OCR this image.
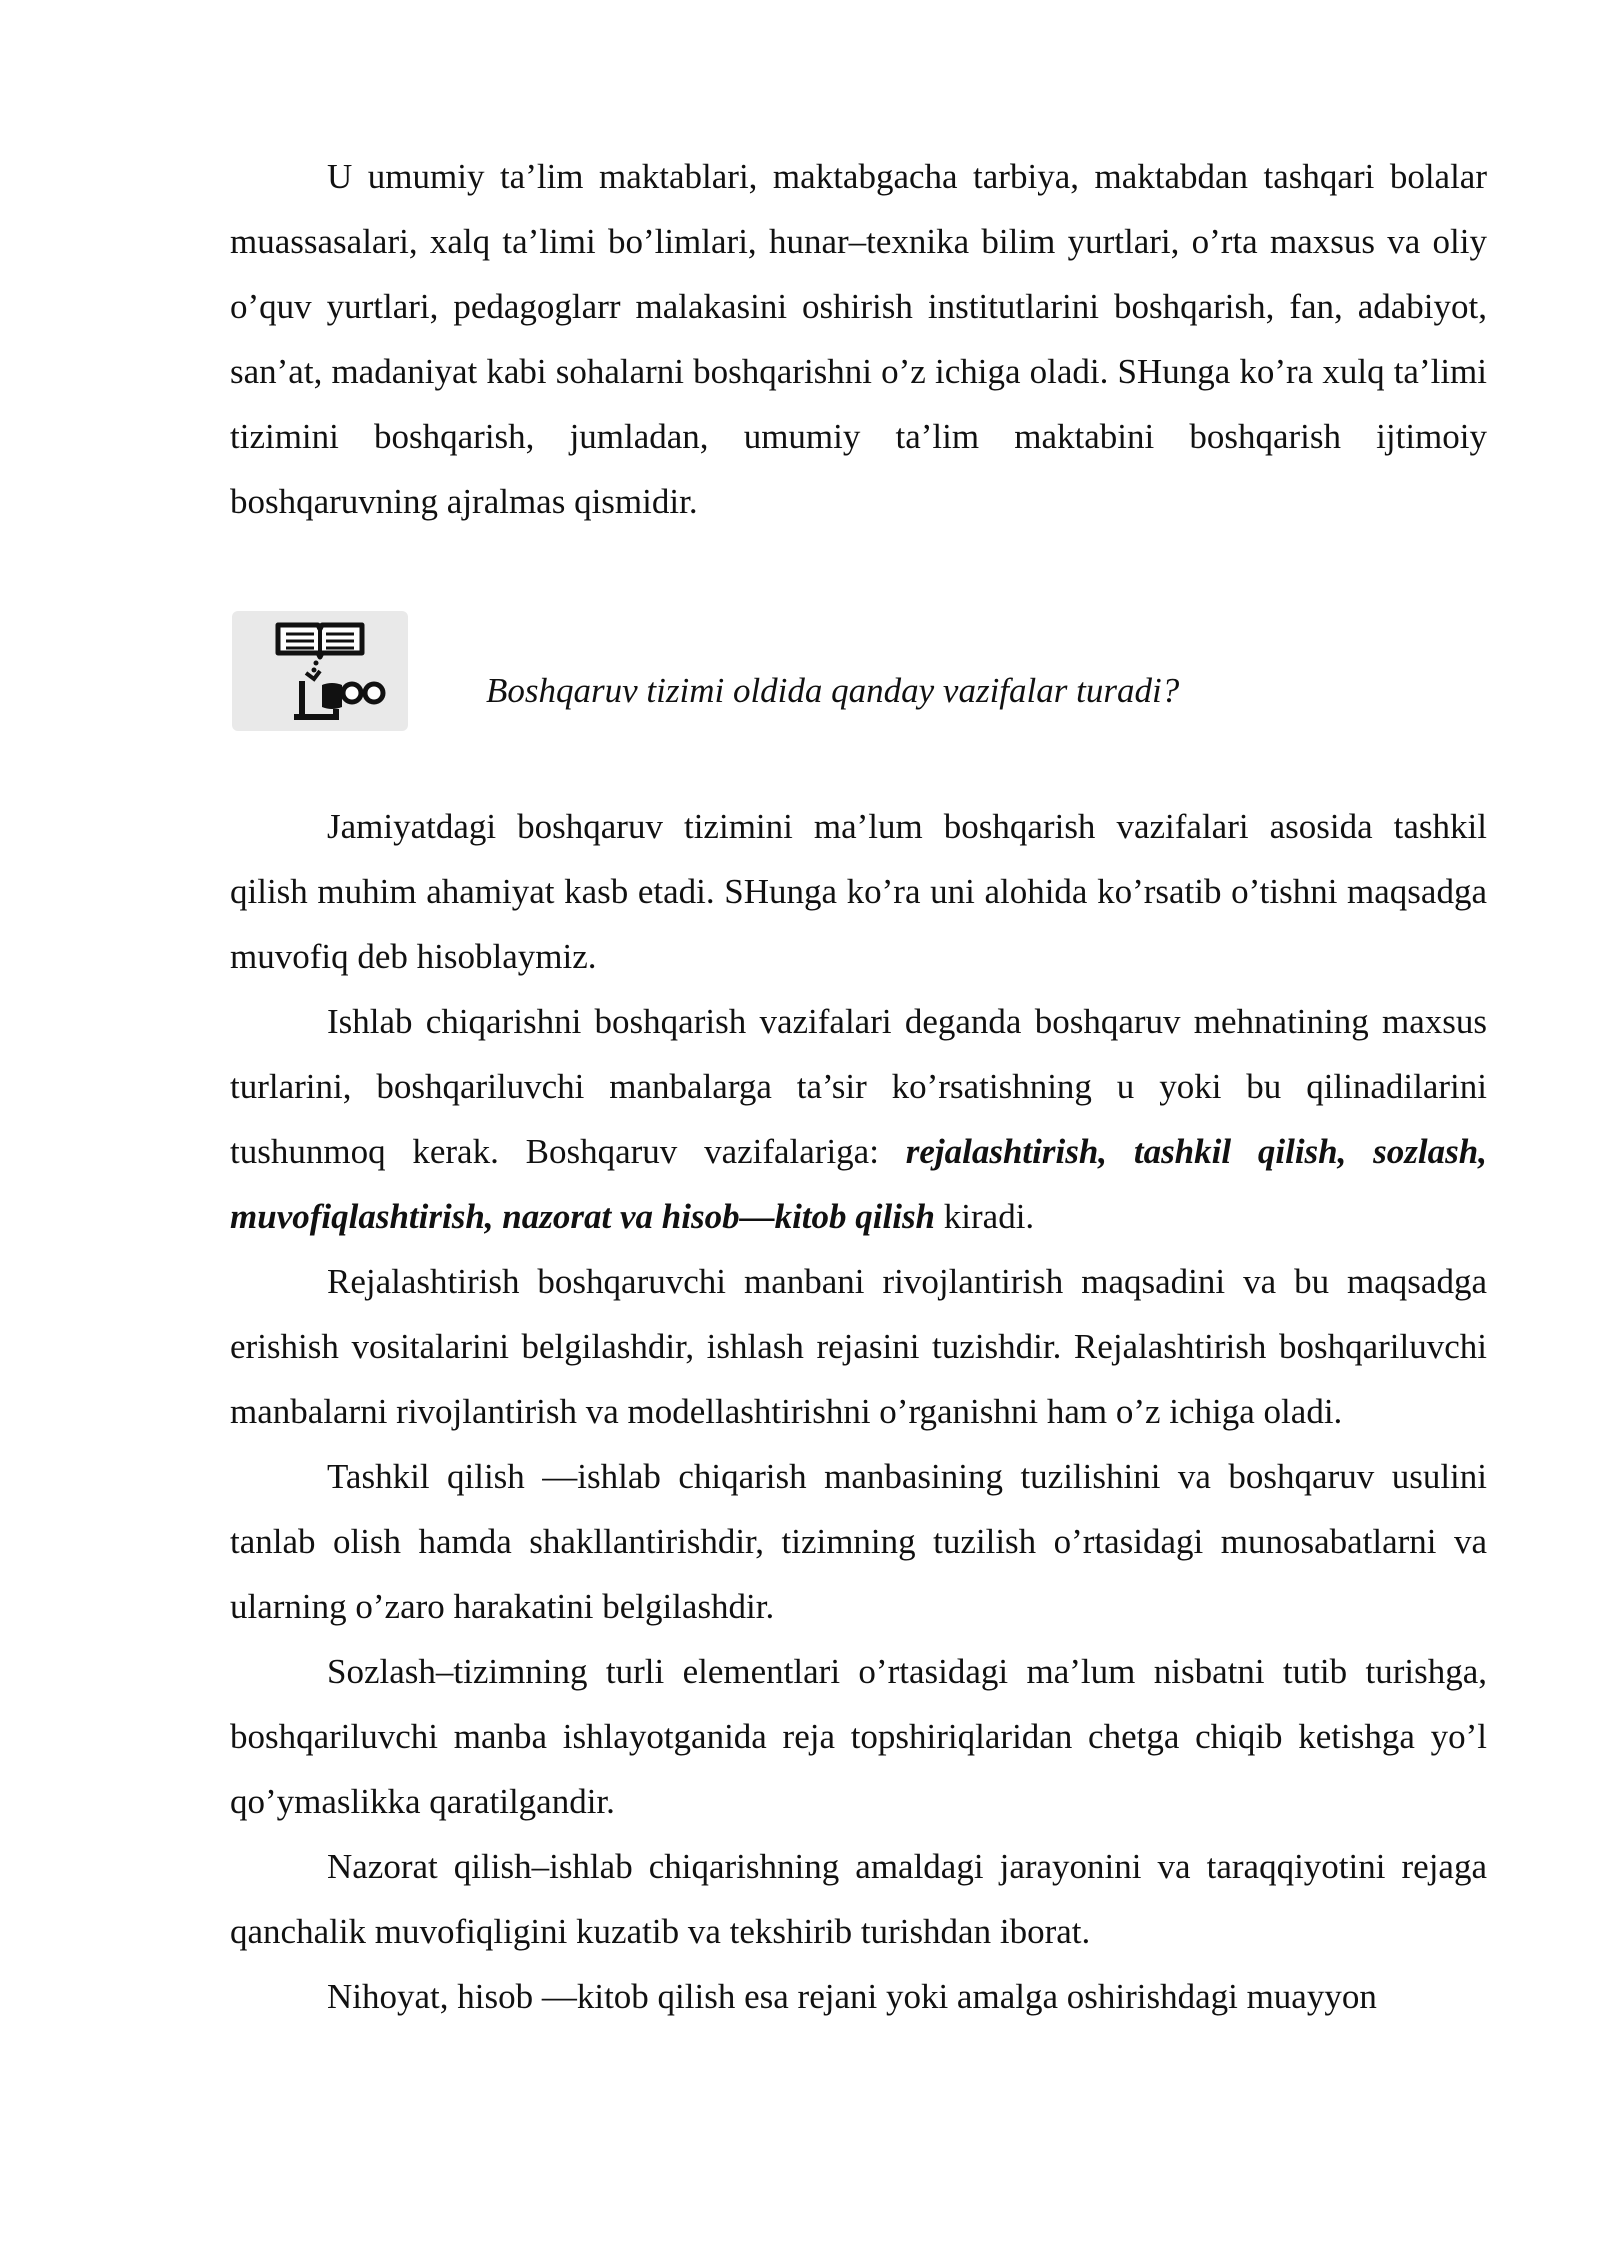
U umumiy ta’lim maktablari, maktabgacha tarbiya, maktabdan tashqari bolalar muassasalari, xalq ta’limi bo’limlari, hunar–texnika bilim yurtlari, o’rta maxsus va oliy o’quv yurtlari, pedagoglarr malakasini oshirish institutlarini boshqarish, fan, adabiyot, san’at, madaniyat kabi sohalarni boshqarishni o’z ichiga oladi. SHunga ko’ra xulq ta’limi tizimini boshqarish, jumladan, umumiy ta’lim maktabini boshqarish ijtimoiy boshqaruvning ajralmas qismidir.

Boshqaruv tizimi oldida qanday vazifalar turadi?

Jamiyatdagi boshqaruv tizimini ma’lum boshqarish vazifalari asosida tashkil qilish muhim ahamiyat kasb etadi. SHunga ko’ra uni alohida ko’rsatib o’tishni maqsadga muvofiq deb hisoblaymiz.

Ishlab chiqarishni boshqarish vazifalari deganda boshqaruv mehnatining maxsus turlarini, boshqariluvchi manbalarga ta’sir ko’rsatishning u yoki bu qilinadilarini tushunmoq kerak. Boshqaruv vazifalariga: rejalashtirish, tashkil qilish, sozlash, muvofiqlashtirish, nazorat va hisob—kitob qilish kiradi.

Rejalashtirish boshqaruvchi manbani rivojlantirish maqsadini va bu maqsadga erishish vositalarini belgilashdir, ishlash rejasini tuzishdir. Rejalashtirish boshqariluvchi manbalarni rivojlantirish va modellashtirishni o’rganishni ham o’z ichiga oladi.

Tashkil qilish —ishlab chiqarish manbasining tuzilishini va boshqaruv usulini tanlab olish hamda shakllantirishdir, tizimning tuzilish o’rtasidagi munosabatlarni va ularning o’zaro harakatini belgilashdir.

Sozlash–tizimning turli elementlari o’rtasidagi ma’lum nisbatni tutib turishga, boshqariluvchi manba ishlayotganida reja topshiriqlaridan chetga chiqib ketishga yo’l qo’ymaslikka qaratilgandir.

Nazorat qilish–ishlab chiqarishning amaldagi jarayonini va taraqqiyotini rejaga qanchalik muvofiqligini kuzatib va tekshirib turishdan iborat.

Nihoyat, hisob —kitob qilish esa rejani yoki amalga oshirishdagi muayyon
